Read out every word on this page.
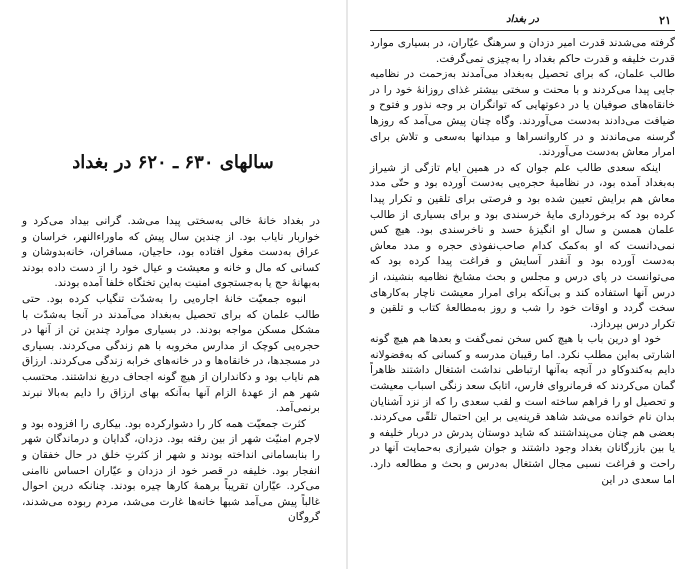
سالهای ۶۳۰ ـ ۶۲۰ در بغداد

در بغداد خانهٔ خالی به‌سختی پیدا می‌شد. گرانی بیداد می‌کرد و خواربار نایاب بود. از چندین سال پیش که ماوراءالنهر، خراسان و عراق به‌دست مغول افتاده بود، حاجیان، مسافران، خانه‌بدوشان و کسانی که مال و خانه و معیشت و عیال خود را از دست داده بودند به‌بهانهٔ حج یا به‌جستجوی امنیت به‌این تختگاه خلفا آمده بودند.

انبوه جمعیّت خانهٔ اجاره‌یی را به‌شدّت تنگیاب کرده بود. حتی طالب علمان که برای تحصیل به‌بغداد می‌آمدند در آنجا به‌شدّت با مشکل مسکن مواجه بودند. در بسیاری موارد چندین تن از آنها در حجره‌یی کوچک از مدارس مخروبه با هم زندگی می‌کردند. بسیاری در مسجدها، در خانقاه‌ها و در خانه‌های خرابه زندگی می‌کردند. ارزاق هم نایاب بود و دکانداران از هیچ گونه اجحاف دریغ نداشتند. محتسب شهر هم از عهدهٔ الزام آنها به‌آنکه بهای ارزاق را دایم به‌بالا نبرند برنمی‌آمد.

کثرت جمعیّت همه کار را دشوارکرده بود. بیکاری را افزوده بود و لاجرم امنیّت شهر از بین رفته بود. دزدان، گدایان و درماندگان شهر را بنابسامانی انداخته بودند و شهر از کثرتِ خلق در حال خفقان و انفجار بود. خلیفه در قصر خود از دزدان و عیّاران احساس ناامنی می‌کرد. عیّاران تقریباً برهمهٔ کارها چیره بودند. چنانکه درین احوال غالباً پیش می‌آمد شبها خانه‌ها غارت می‌شد، مردم ربوده می‌شدند، گروگان

۲۱
در بغداد

گرفته می‌شدند قدرت امیر دزدان و سرهنگ عیّاران، در بسیاری موارد قدرت خلیفه و قدرت حاکم بغداد را به‌چیزی نمی‌گرفت.

طالب علمان، که برای تحصیل به‌بغداد می‌آمدند به‌زحمت در نظامیه جایی پیدا می‌کردند و با محنت و سختی بیشتر غذای روزانهٔ خود را در خانقاه‌های صوفیان یا در دعوتهایی که توانگران بر وجه نذور و فتوح و ضیافت می‌دادند به‌دست می‌آوردند. وگاه چنان پیش می‌آمد که روزها گرسنه می‌ماندند و در کاروانسراها و میدانها به‌سعی و تلاش برای امرار معاش به‌دست می‌آوردند.

اینکه سعدی طالب علم جوان که در همین ایام تازگی از شیراز به‌بغداد آمده بود، در نظامیهٔ حجره‌یی به‌دست آورده بود و حتّی مدد معاش هم برایش تعیین شده بود و فرصتی برای تلقین و تکرار پیدا کرده بود که برخورداری مایهٔ خرسندی بود و برای بسیاری از طالب علمان همسن و سال او انگیزهٔ حسد و ناخرسندی بود. هیچ کس نمی‌دانست که او به‌کمک کدام صاحب‌نفوذی حجره و مدد معاش به‌دست آورده بود و آنقدر آسایش و فراغت پیدا کرده بود که می‌توانست در پای درس و مجلس و بحث مشایخ نظامیه بنشیند، از درس آنها استفاده کند و بی‌آنکه برای امرار معیشت ناچار به‌کارهای سخت گردد و اوقات خود را شب و روز به‌مطالعهٔ کتاب و تلقین و تکرار درس بپردازد.

خود او درین باب با هیچ کس سخن نمی‌گفت و بعدها هم هیچ گونه اشارتی به‌این مطلب نکرد. اما رقیبان مدرسه و کسانی که به‌فضولانه دایم به‌کندوکاو در آنچه به‌آنها ارتباطی نداشت اشتغال داشتند ظاهراً گمان می‌کردند که فرمانروای فارس، اتابک سعد زنگی اسباب معیشت و تحصیل او را فراهم ساخته است و لقب سعدی را که از نزد آشنایان بدان نام خوانده می‌شد شاهد قرینه‌یی بر این احتمال تلقّی می‌کردند. بعضی هم چنان می‌پنداشتند که شاید دوستان پدرش در دربار خلیفه و یا بین بازرگانان بغداد وجود داشتند و جوان شیرازی به‌حمایت آنها در راحت و فراغت نسبی مجال اشتغال به‌درس و بحث و مطالعه دارد. اما سعدی در این
